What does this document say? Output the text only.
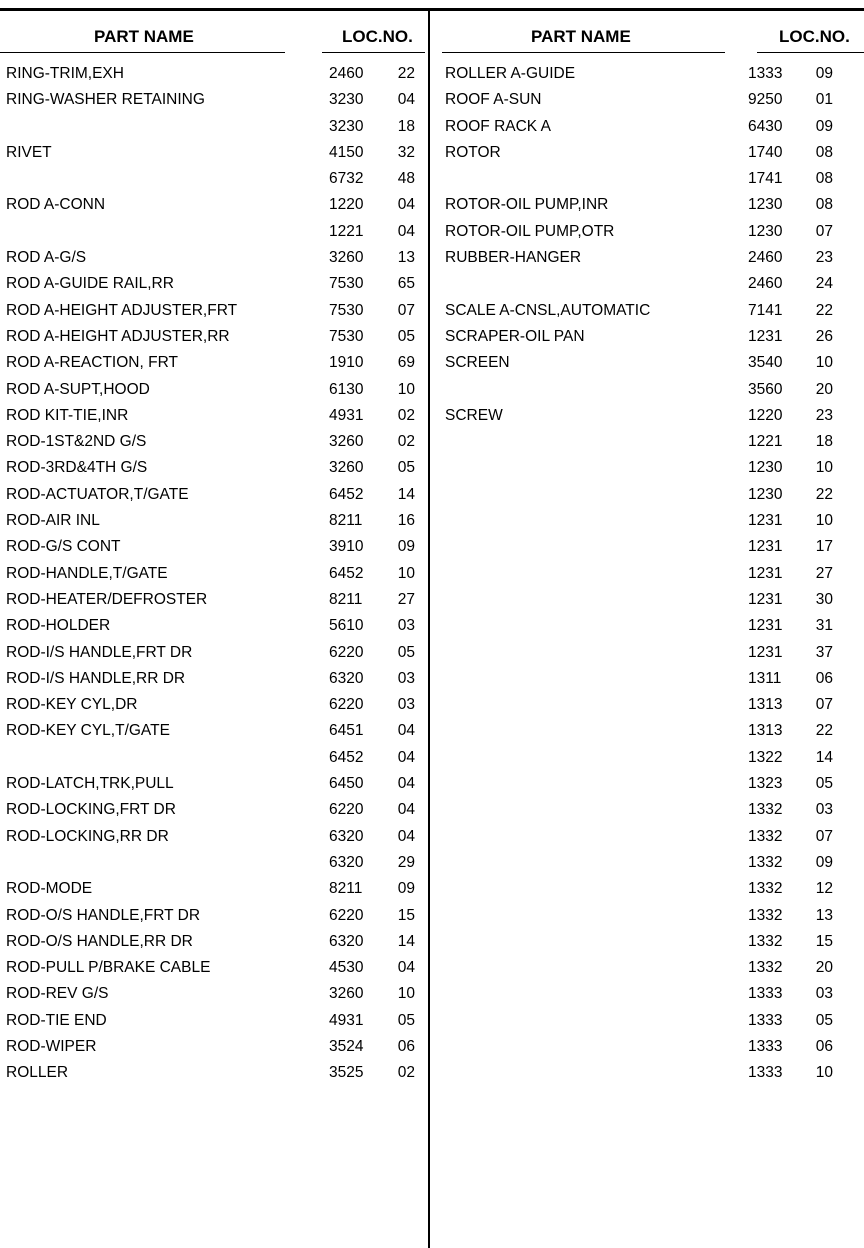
PART NAME	LOC.NO.	PART NAME	LOC.NO.
RING-TRIM,EXH	2460	22
RING-WASHER RETAINING	3230	04
3230	18
RIVET	4150	32
6732	48
ROD A-CONN	1220	04
1221	04
ROD A-G/S	3260	13
ROD A-GUIDE RAIL,RR	7530	65
ROD A-HEIGHT ADJUSTER,FRT	7530	07
ROD A-HEIGHT ADJUSTER,RR	7530	05
ROD A-REACTION, FRT	1910	69
ROD A-SUPT,HOOD	6130	10
ROD KIT-TIE,INR	4931	02
ROD-1ST&2ND G/S	3260	02
ROD-3RD&4TH G/S	3260	05
ROD-ACTUATOR,T/GATE	6452	14
ROD-AIR INL	8211	16
ROD-G/S CONT	3910	09
ROD-HANDLE,T/GATE	6452	10
ROD-HEATER/DEFROSTER	8211	27
ROD-HOLDER	5610	03
ROD-I/S HANDLE,FRT DR	6220	05
ROD-I/S HANDLE,RR DR	6320	03
ROD-KEY CYL,DR	6220	03
ROD-KEY CYL,T/GATE	6451	04
6452	04
ROD-LATCH,TRK,PULL	6450	04
ROD-LOCKING,FRT DR	6220	04
ROD-LOCKING,RR DR	6320	04
6320	29
ROD-MODE	8211	09
ROD-O/S HANDLE,FRT DR	6220	15
ROD-O/S HANDLE,RR DR	6320	14
ROD-PULL P/BRAKE CABLE	4530	04
ROD-REV G/S	3260	10
ROD-TIE END	4931	05
ROD-WIPER	3524	06
ROLLER	3525	02
ROLLER A-GUIDE	1333	09
ROOF A-SUN	9250	01
ROOF RACK A	6430	09
ROTOR	1740	08
1741	08
ROTOR-OIL PUMP,INR	1230	08
ROTOR-OIL PUMP,OTR	1230	07
RUBBER-HANGER	2460	23
2460	24
SCALE A-CNSL,AUTOMATIC	7141	22
SCRAPER-OIL PAN	1231	26
SCREEN	3540	10
3560	20
SCREW	1220	23
1221	18
1230	10
1230	22
1231	10
1231	17
1231	27
1231	30
1231	31
1231	37
1311	06
1313	07
1313	22
1322	14
1323	05
1332	03
1332	07
1332	09
1332	12
1332	13
1332	15
1332	20
1333	03
1333	05
1333	06
1333	10
